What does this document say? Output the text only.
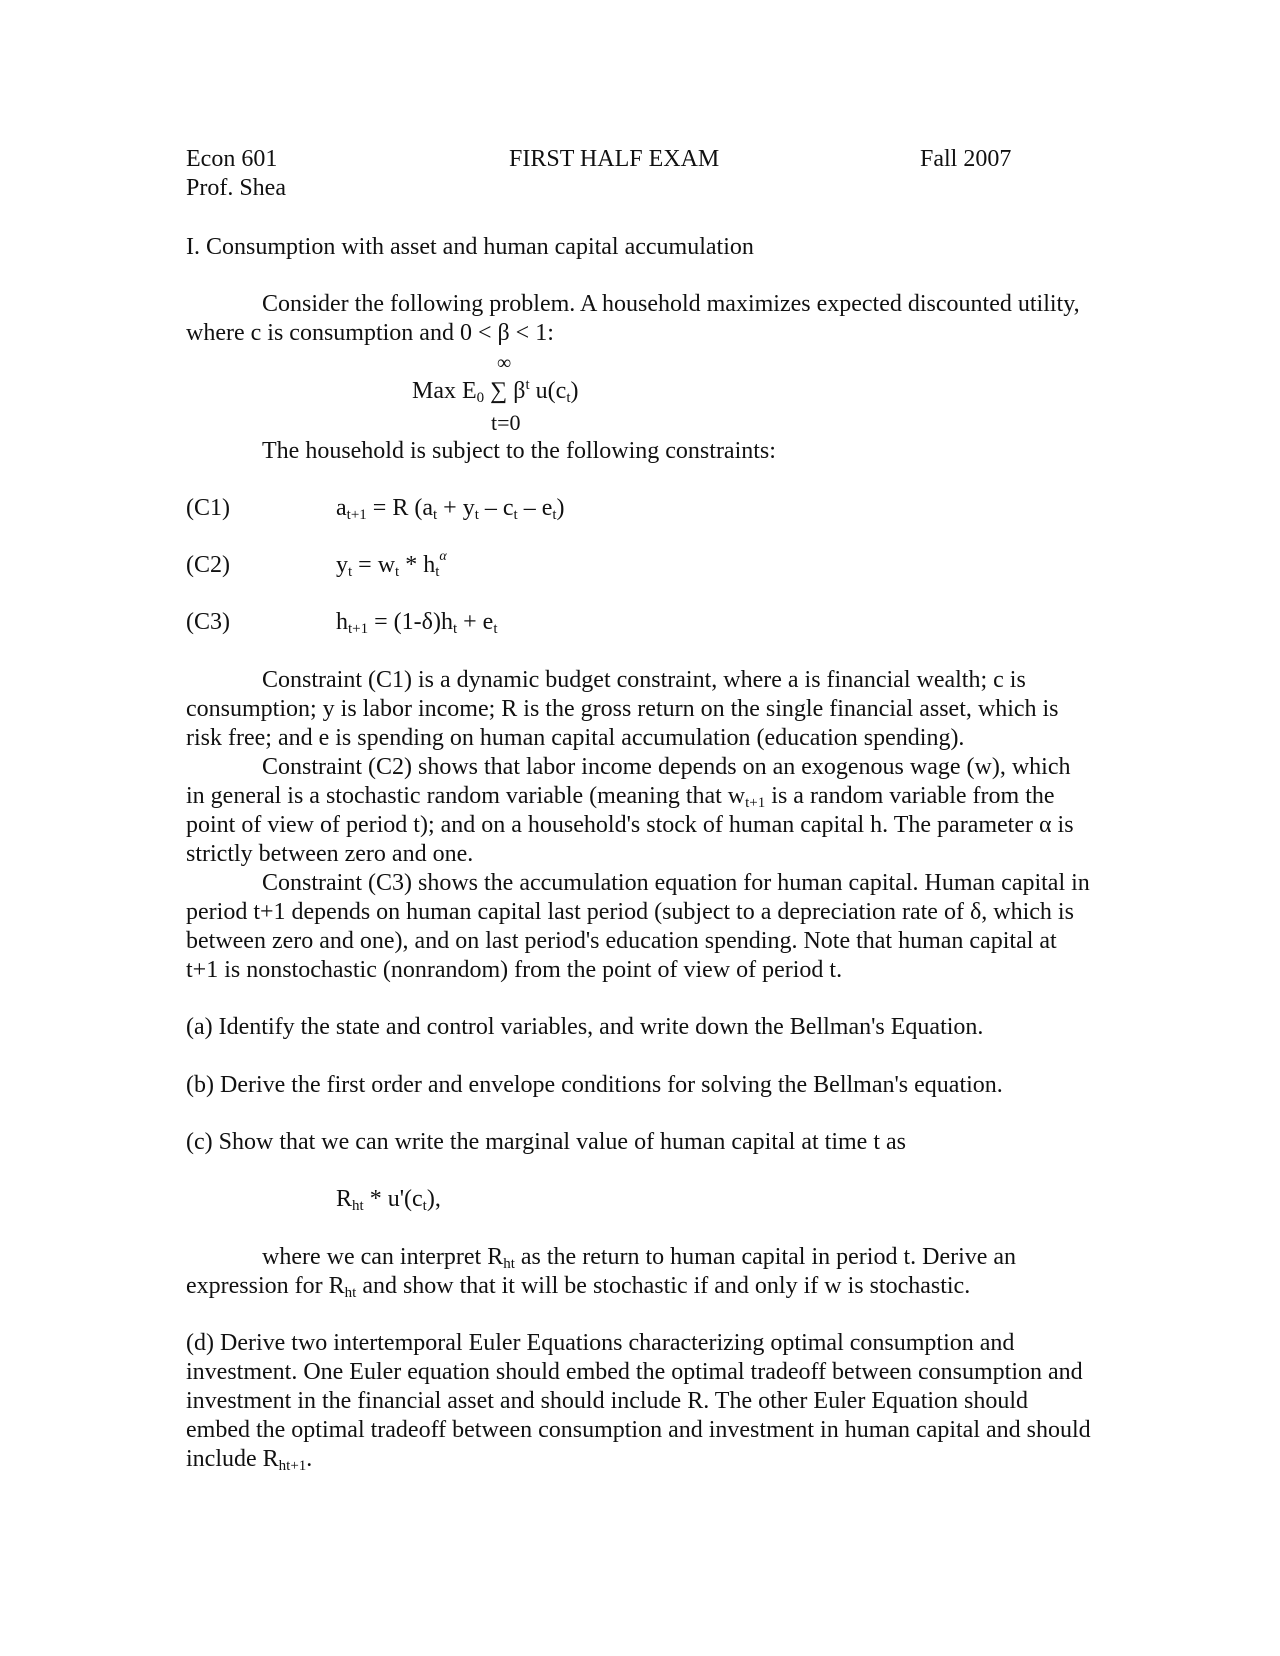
Econ 601
Prof. Shea
FIRST HALF EXAM	Fall 2007
I. Consumption with asset and human capital accumulation
Consider the following problem. A household maximizes expected discounted utility, where c is consumption and 0 < β < 1:
∞
Max $E_0$ ∑ $\beta^t$ $u(c_t)$
t=0
The household is subject to the following constraints:
(C1)	$a_{t+1} = R$ $(a_t + y_t - c_t - e_t)$
(C2)	$y_t = w_t * h_t^\alpha$
(C3)	$h_{t+1} = (1-\delta)h_t + e_t$
Constraint (C1) is a dynamic budget constraint, where a is financial wealth; c is consumption; y is labor income; R is the gross return on the single financial asset, which is risk free; and e is spending on human capital accumulation (education spending).
Constraint (C2) shows that labor income depends on an exogenous wage (w), which in general is a stochastic random variable (meaning that $w_{t+1}$ is a random variable from the point of view of period t); and on a household's stock of human capital h. The parameter α is strictly between zero and one.
Constraint (C3) shows the accumulation equation for human capital. Human capital in period t+1 depends on human capital last period (subject to a depreciation rate of δ, which is between zero and one), and on last period's education spending. Note that human capital at t+1 is nonstochastic (nonrandom) from the point of view of period t.
(a) Identify the state and control variables, and write down the Bellman's Equation.
(b) Derive the first order and envelope conditions for solving the Bellman's equation.
(c) Show that we can write the marginal value of human capital at time t as
$R_{ht} * u'(c_t)$,
where we can interpret $R_{ht}$ as the return to human capital in period t. Derive an expression for $R_{ht}$ and show that it will be stochastic if and only if w is stochastic.
(d) Derive two intertemporal Euler Equations characterizing optimal consumption and investment. One Euler equation should embed the optimal tradeoff between consumption and investment in the financial asset and should include R. The other Euler Equation should embed the optimal tradeoff between consumption and investment in human capital and should include $R_{ht+1}$.
